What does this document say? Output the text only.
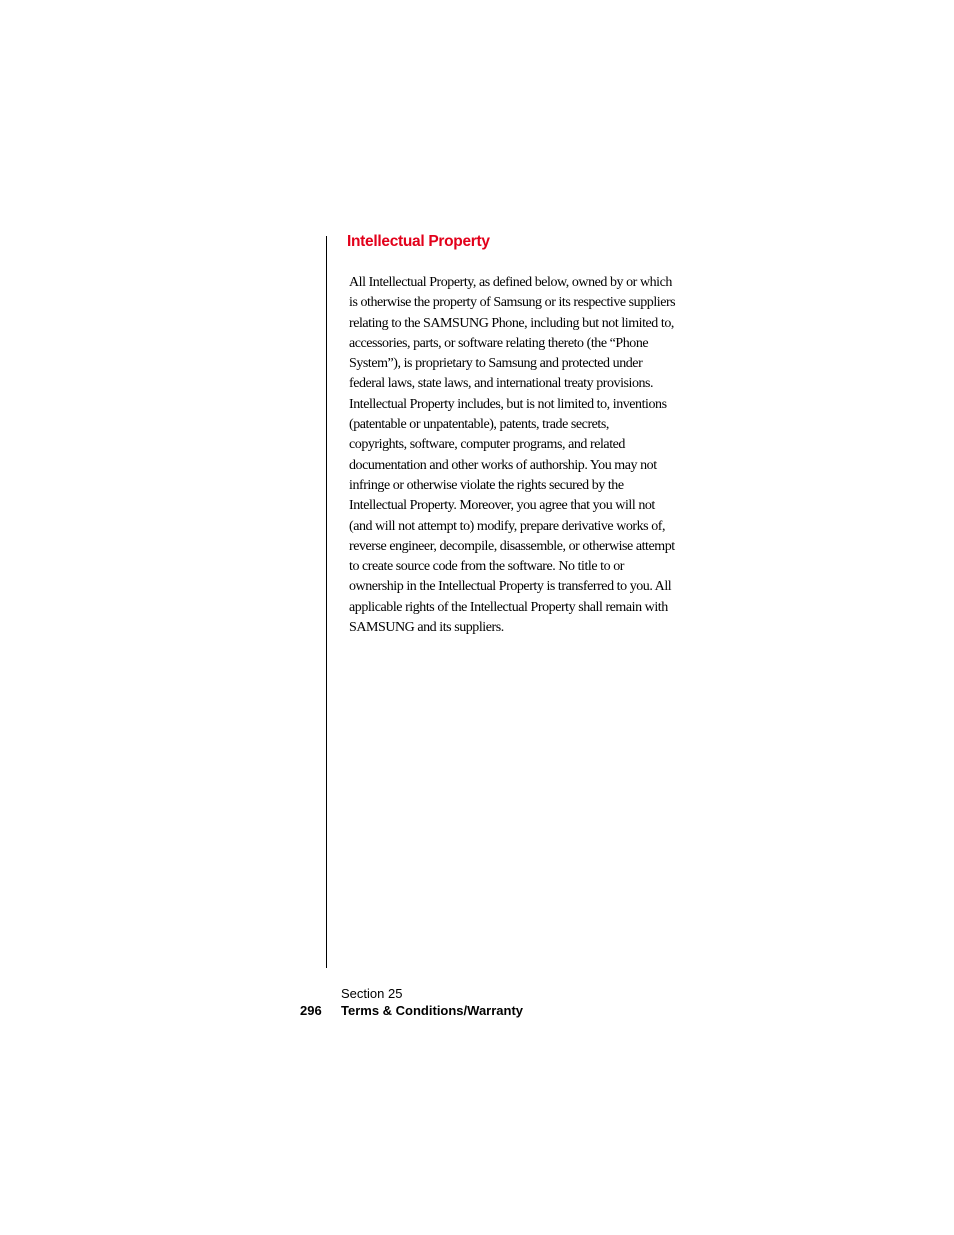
Intellectual Property
All Intellectual Property, as defined below, owned by or which
is otherwise the property of Samsung or its respective suppliers
relating to the SAMSUNG Phone, including but not limited to,
accessories, parts, or software relating thereto (the “Phone
System”), is proprietary to Samsung and protected under
federal laws, state laws, and international treaty provisions.
Intellectual Property includes, but is not limited to, inventions
(patentable or unpatentable), patents, trade secrets,
copyrights, software, computer programs, and related
documentation and other works of authorship. You may not
infringe or otherwise violate the rights secured by the
Intellectual Property. Moreover, you agree that you will not
(and will not attempt to) modify, prepare derivative works of,
reverse engineer, decompile, disassemble, or otherwise attempt
to create source code from the software. No title to or
ownership in the Intellectual Property is transferred to you. All
applicable rights of the Intellectual Property shall remain with
SAMSUNG and its suppliers.
Section 25
296 Terms & Conditions/Warranty
